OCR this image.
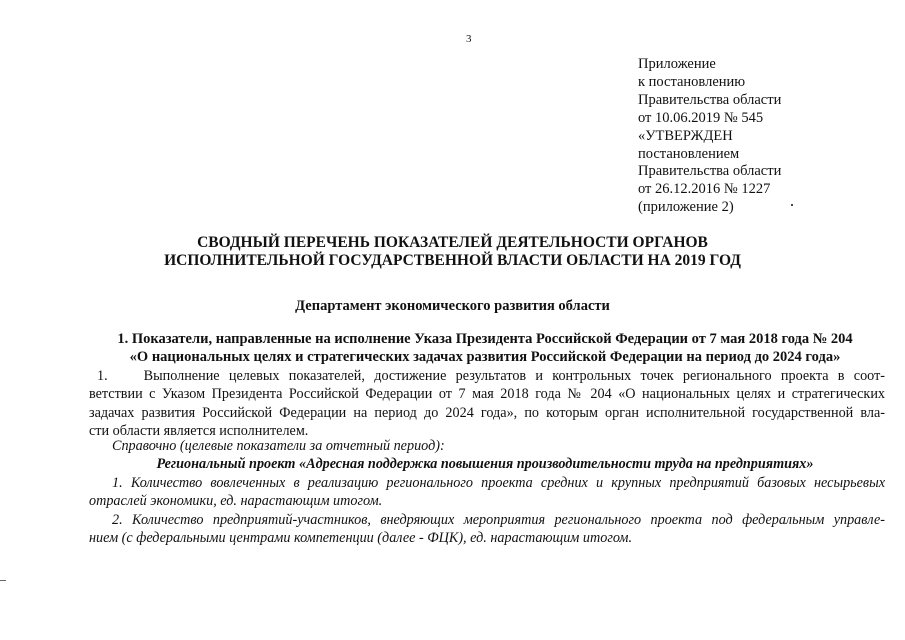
3
Приложение
к постановлению
Правительства области
от 10.06.2019 № 545
«УТВЕРЖДЕН
постановлением
Правительства области
от 26.12.2016 № 1227
(приложение 2)
СВОДНЫЙ ПЕРЕЧЕНЬ ПОКАЗАТЕЛЕЙ ДЕЯТЕЛЬНОСТИ ОРГАНОВ
ИСПОЛНИТЕЛЬНОЙ ГОСУДАРСТВЕННОЙ ВЛАСТИ ОБЛАСТИ НА 2019 ГОД
Департамент экономического развития области
1. Показатели, направленные на исполнение Указа Президента Российской Федерации от 7 мая 2018 года № 204
«О национальных целях и стратегических задачах развития Российской Федерации на период до 2024 года»
1.	Выполнение целевых показателей, достижение результатов и контрольных точек регионального проекта в соот-
ветствии с Указом Президента Российской Федерации от 7 мая 2018 года № 204 «О национальных целях и стратегических
задачах развития Российской Федерации на период до 2024 года», по которым орган исполнительной государственной вла-
сти области является исполнителем.
Справочно (целевые показатели за отчетный период):
Региональный проект «Адресная поддержка повышения производительности труда на предприятиях»
1. Количество вовлеченных в реализацию регионального проекта средних и крупных предприятий базовых несырьевых
отраслей экономики, ед. нарастающим итогом.
2. Количество предприятий-участников, внедряющих мероприятия регионального проекта под федеральным управле-
нием (с федеральными центрами компетенции (далее - ФЦК), ед. нарастающим итогом.
